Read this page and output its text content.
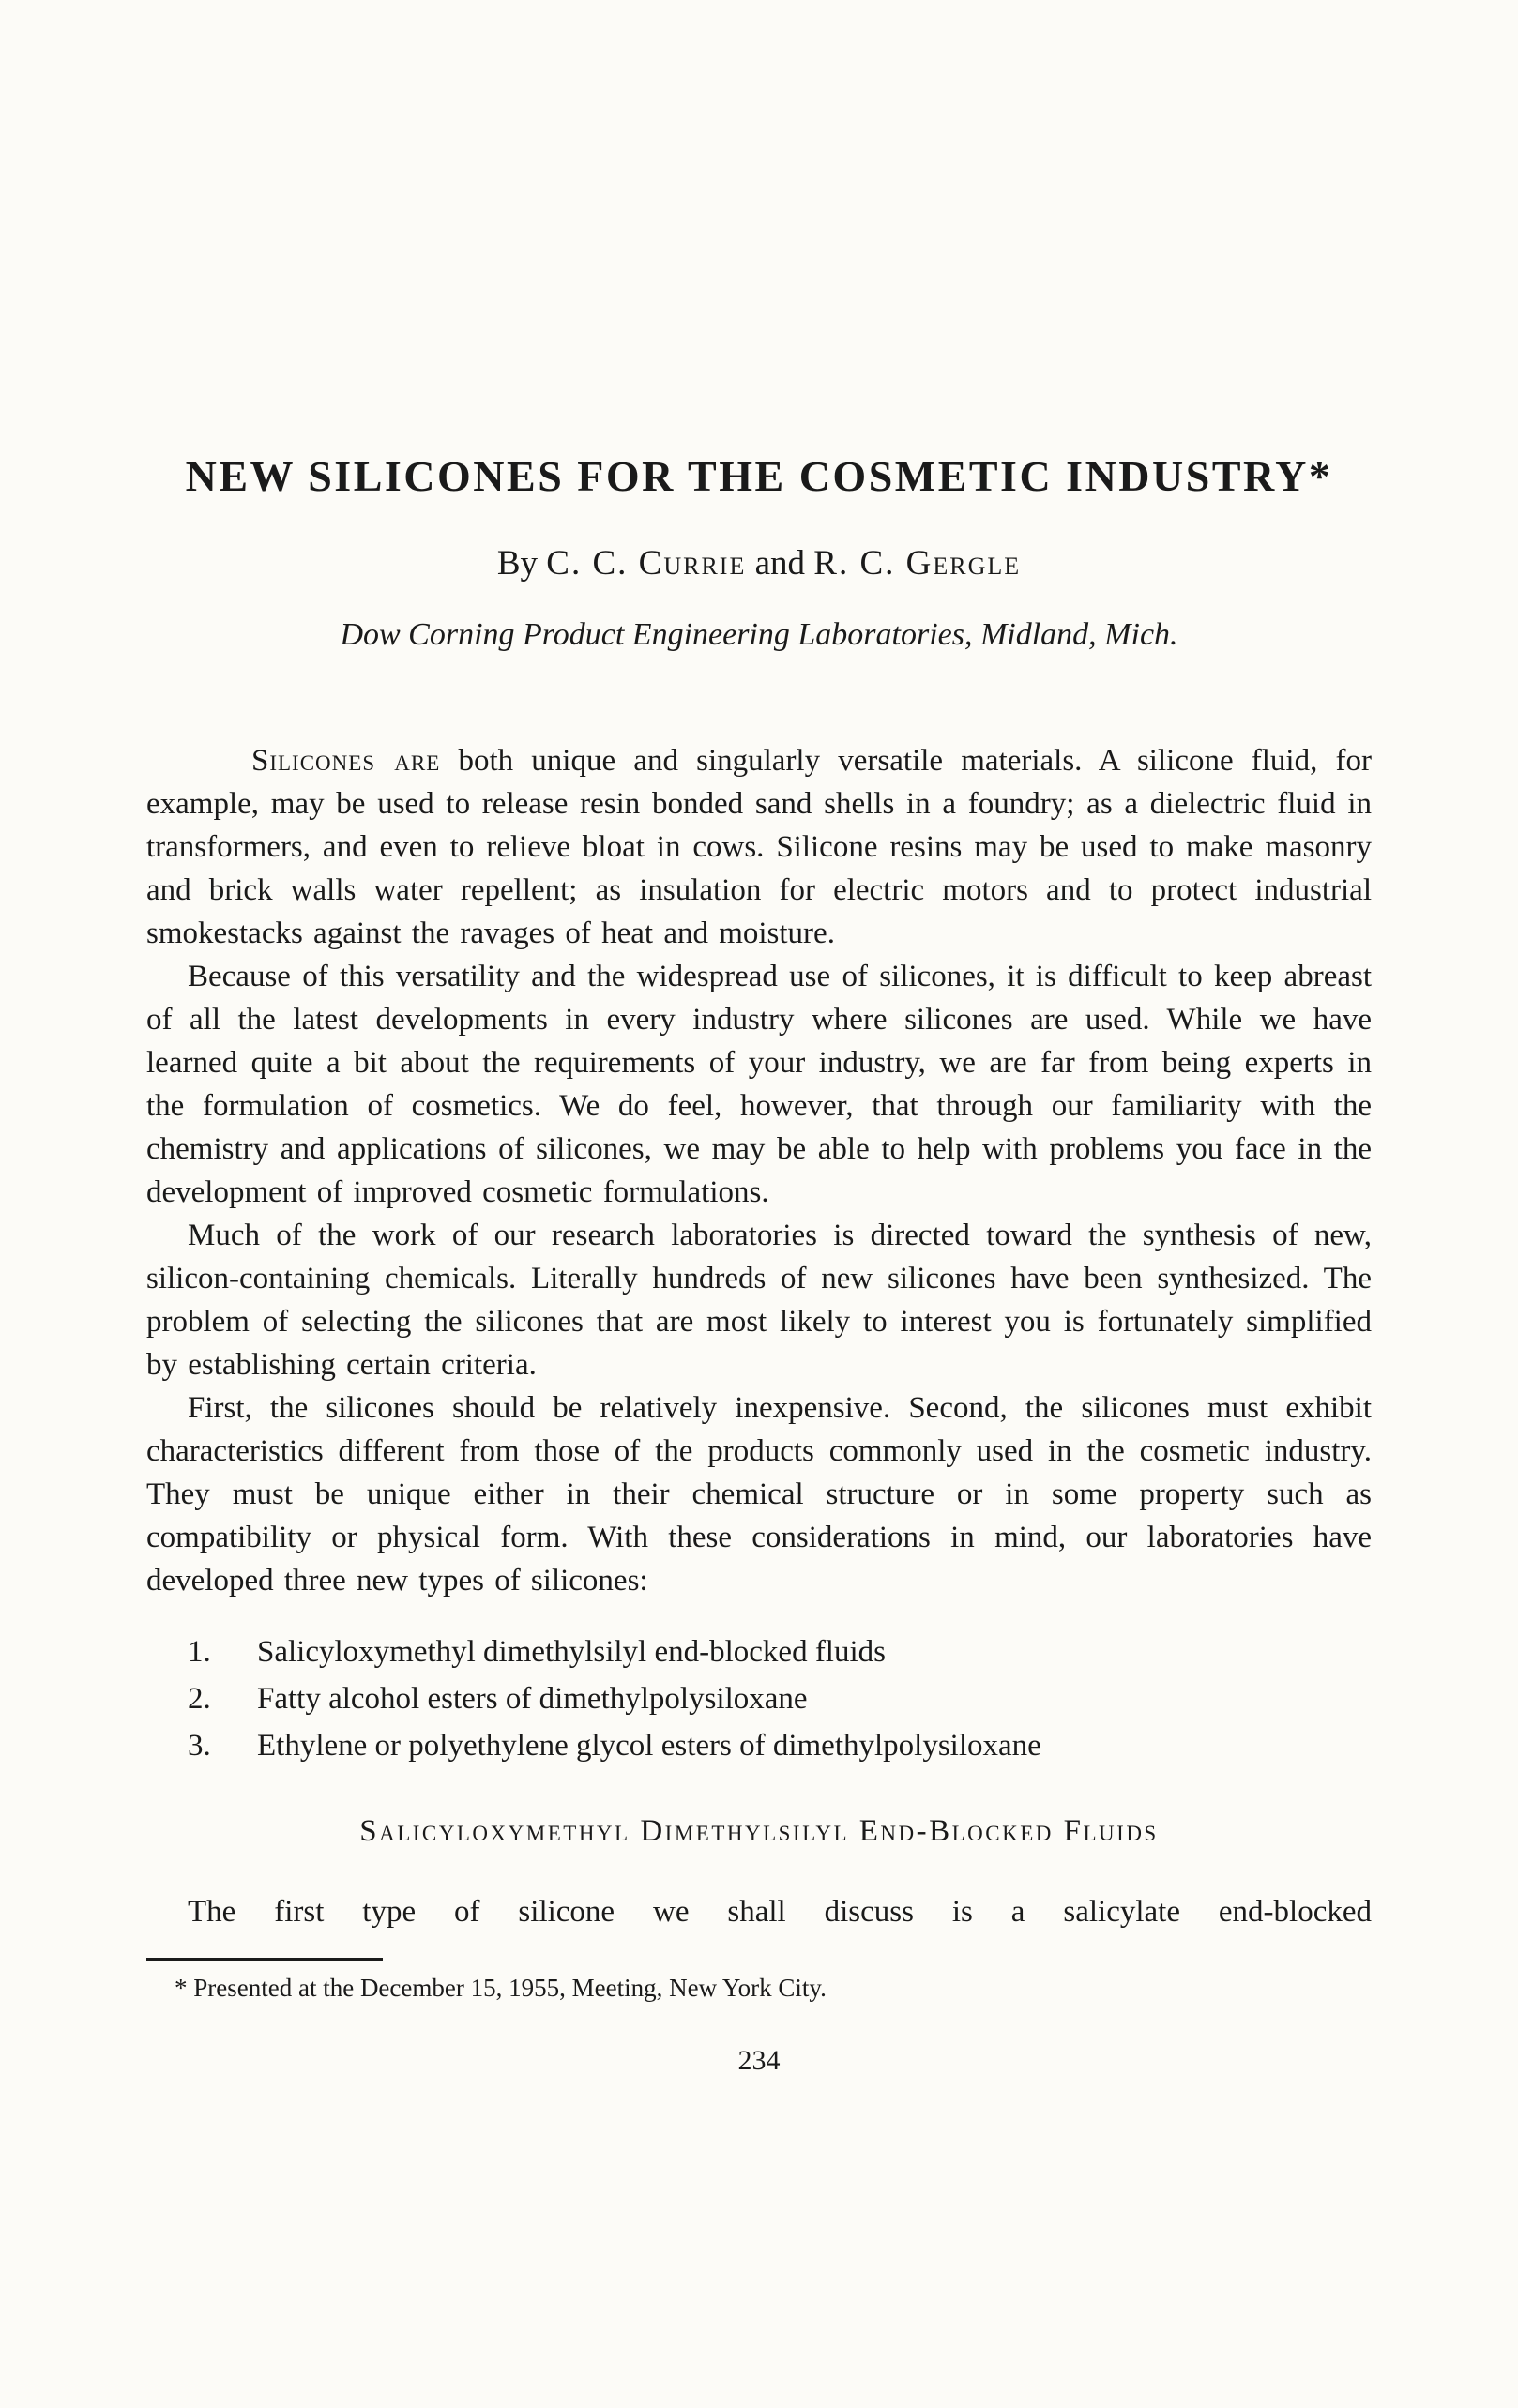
NEW SILICONES FOR THE COSMETIC INDUSTRY*
By C. C. Currie and R. C. Gergle
Dow Corning Product Engineering Laboratories, Midland, Mich.

Silicones are both unique and singularly versatile materials. A silicone fluid, for example, may be used to release resin bonded sand shells in a foundry; as a dielectric fluid in transformers, and even to relieve bloat in cows. Silicone resins may be used to make masonry and brick walls water repellent; as insulation for electric motors and to protect industrial smokestacks against the ravages of heat and moisture.

Because of this versatility and the widespread use of silicones, it is difficult to keep abreast of all the latest developments in every industry where silicones are used. While we have learned quite a bit about the requirements of your industry, we are far from being experts in the formulation of cosmetics. We do feel, however, that through our familiarity with the chemistry and applications of silicones, we may be able to help with problems you face in the development of improved cosmetic formulations.

Much of the work of our research laboratories is directed toward the synthesis of new, silicon-containing chemicals. Literally hundreds of new silicones have been synthesized. The problem of selecting the silicones that are most likely to interest you is fortunately simplified by establishing certain criteria.

First, the silicones should be relatively inexpensive. Second, the silicones must exhibit characteristics different from those of the products commonly used in the cosmetic industry. They must be unique either in their chemical structure or in some property such as compatibility or physical form. With these considerations in mind, our laboratories have developed three new types of silicones:

1.	Salicyloxymethyl dimethylsilyl end-blocked fluids
2.	Fatty alcohol esters of dimethylpolysiloxane
3.	Ethylene or polyethylene glycol esters of dimethylpolysiloxane
Salicyloxymethyl Dimethylsilyl End-Blocked Fluids

The first type of silicone we shall discuss is a salicylate end-blocked

* Presented at the December 15, 1955, Meeting, New York City.
234
